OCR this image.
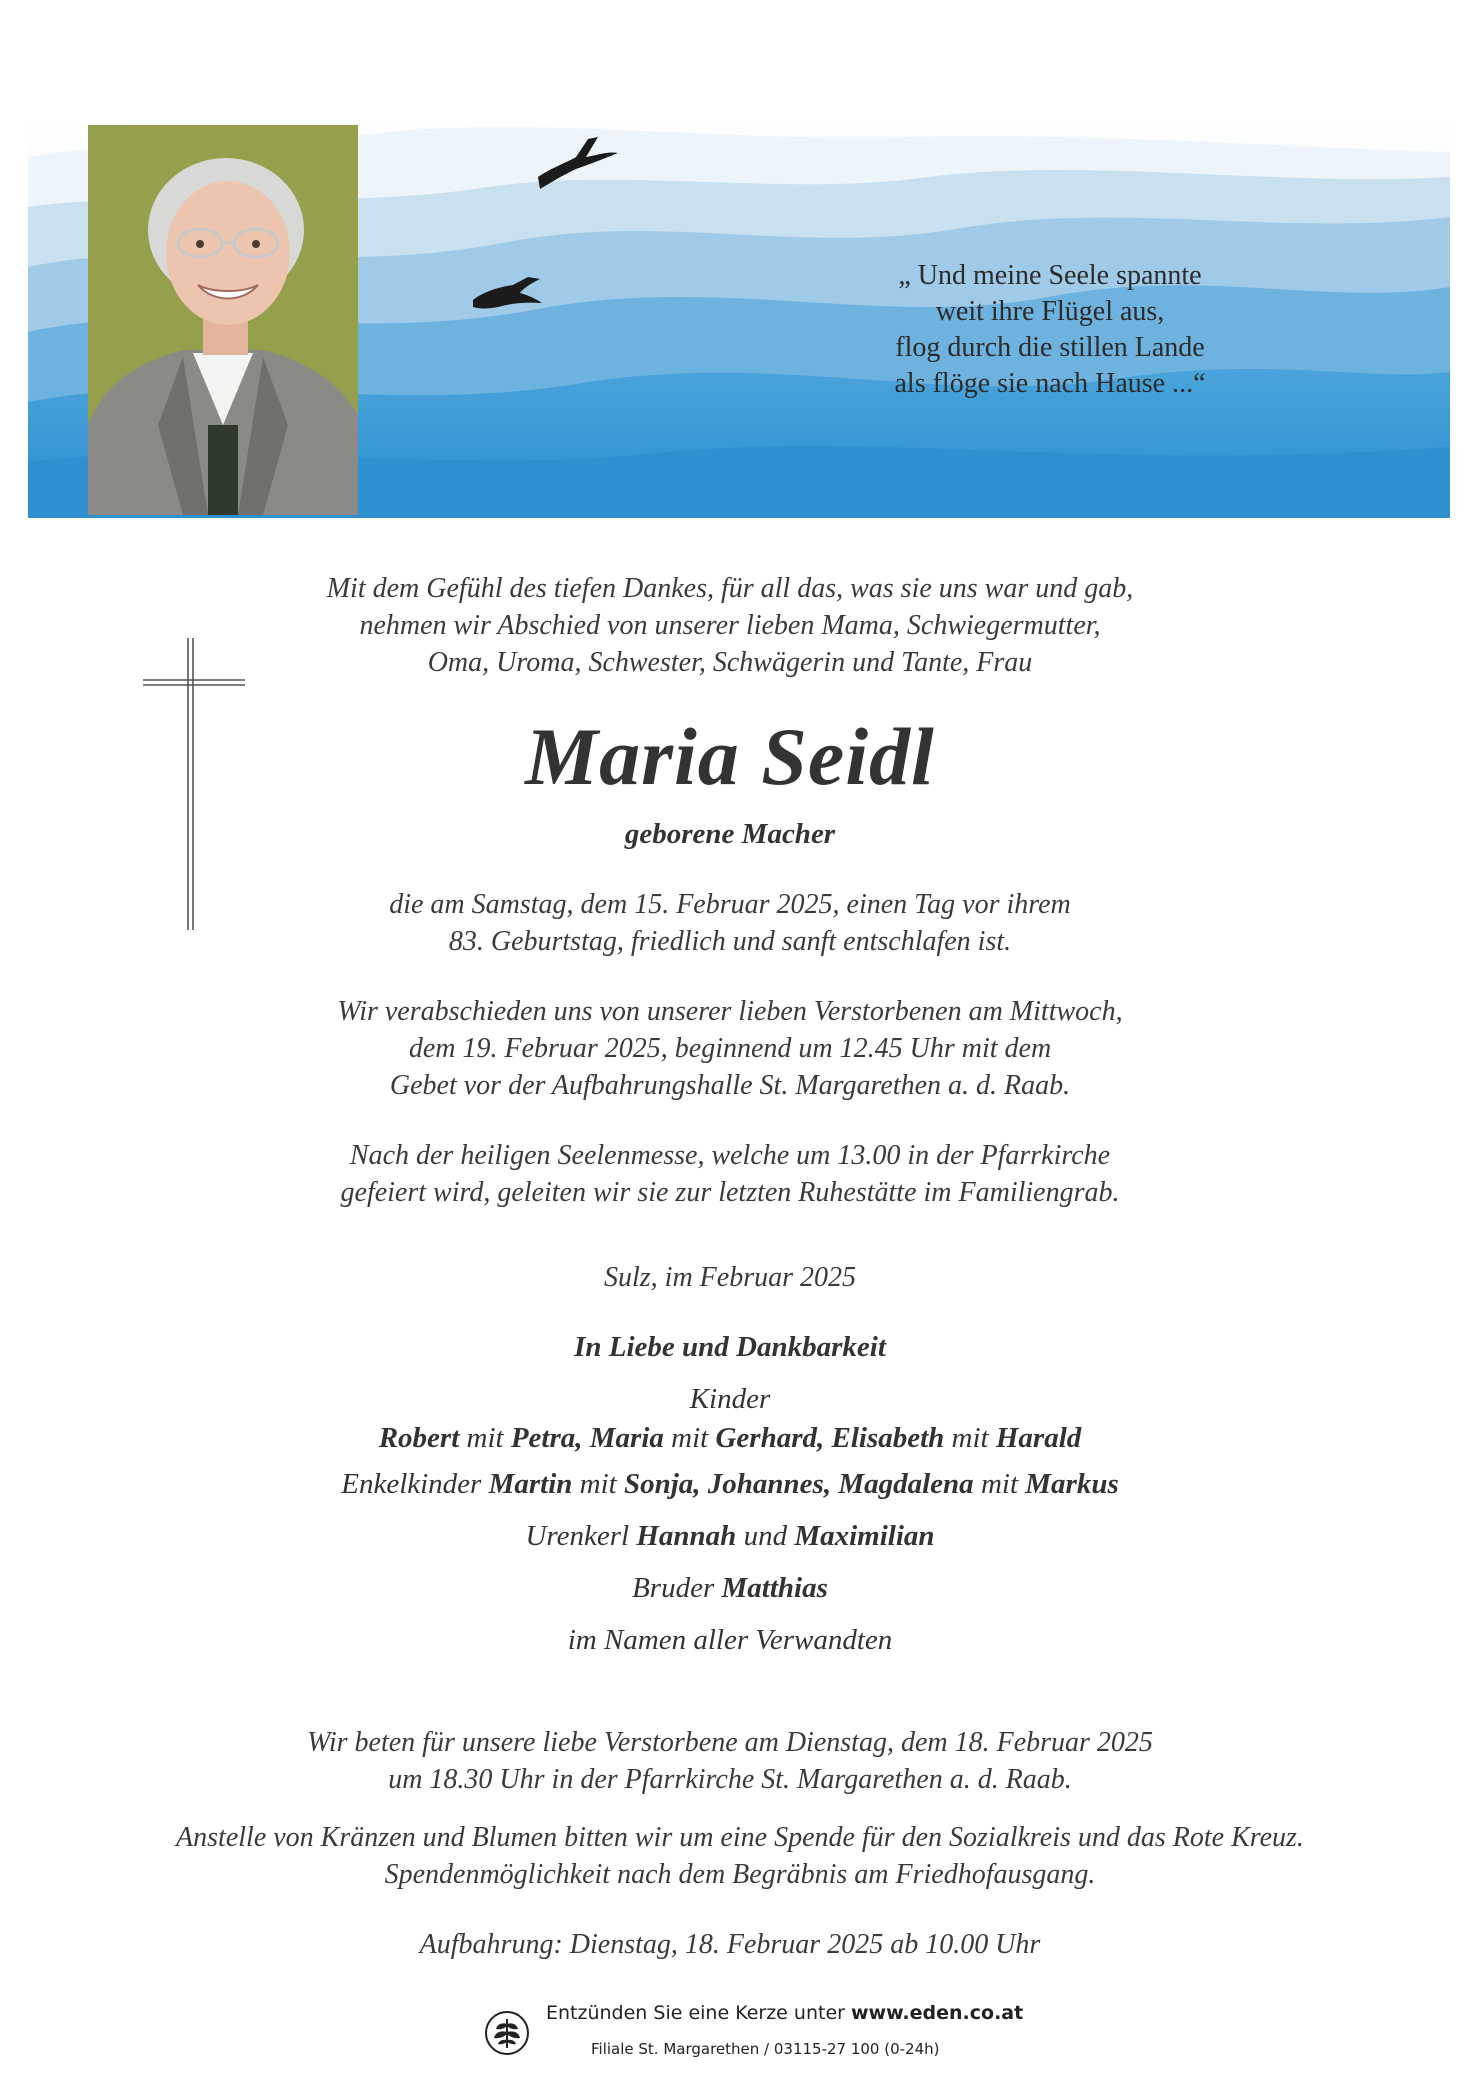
„ Und meine Seele spannte
weit ihre Flügel aus,
flog durch die stillen Lande
als flöge sie nach Hause ...“
Mit dem Gefühl des tiefen Dankes, für all das, was sie uns war und gab,
nehmen wir Abschied von unserer lieben Mama, Schwiegermutter,
Oma, Uroma, Schwester, Schwägerin und Tante, Frau
Maria Seidl
geborene Macher
die am Samstag, dem 15. Februar 2025, einen Tag vor ihrem
83. Geburtstag, friedlich und sanft entschlafen ist.
Wir verabschieden uns von unserer lieben Verstorbenen am Mittwoch,
dem 19. Februar 2025, beginnend um 12.45 Uhr mit dem
Gebet vor der Aufbahrungshalle St. Margarethen a. d. Raab.
Nach der heiligen Seelenmesse, welche um 13.00 in der Pfarrkirche
gefeiert wird, geleiten wir sie zur letzten Ruhestätte im Familiengrab.
Sulz, im Februar 2025
In Liebe und Dankbarkeit
Kinder
Robert mit Petra, Maria mit Gerhard, Elisabeth mit Harald
Enkelkinder Martin mit Sonja, Johannes, Magdalena mit Markus
Urenkerl Hannah und Maximilian
Bruder Matthias
im Namen aller Verwandten
Wir beten für unsere liebe Verstorbene am Dienstag, dem 18. Februar 2025
um 18.30 Uhr in der Pfarrkirche St. Margarethen a. d. Raab.
Anstelle von Kränzen und Blumen bitten wir um eine Spende für den Sozialkreis und das Rote Kreuz.
Spendenmöglichkeit nach dem Begräbnis am Friedhofausgang.
Aufbahrung: Dienstag, 18. Februar 2025 ab 10.00 Uhr
Entzünden Sie eine Kerze unter www.eden.co.at
Filiale St. Margarethen / 03115-27 100 (0-24h)
